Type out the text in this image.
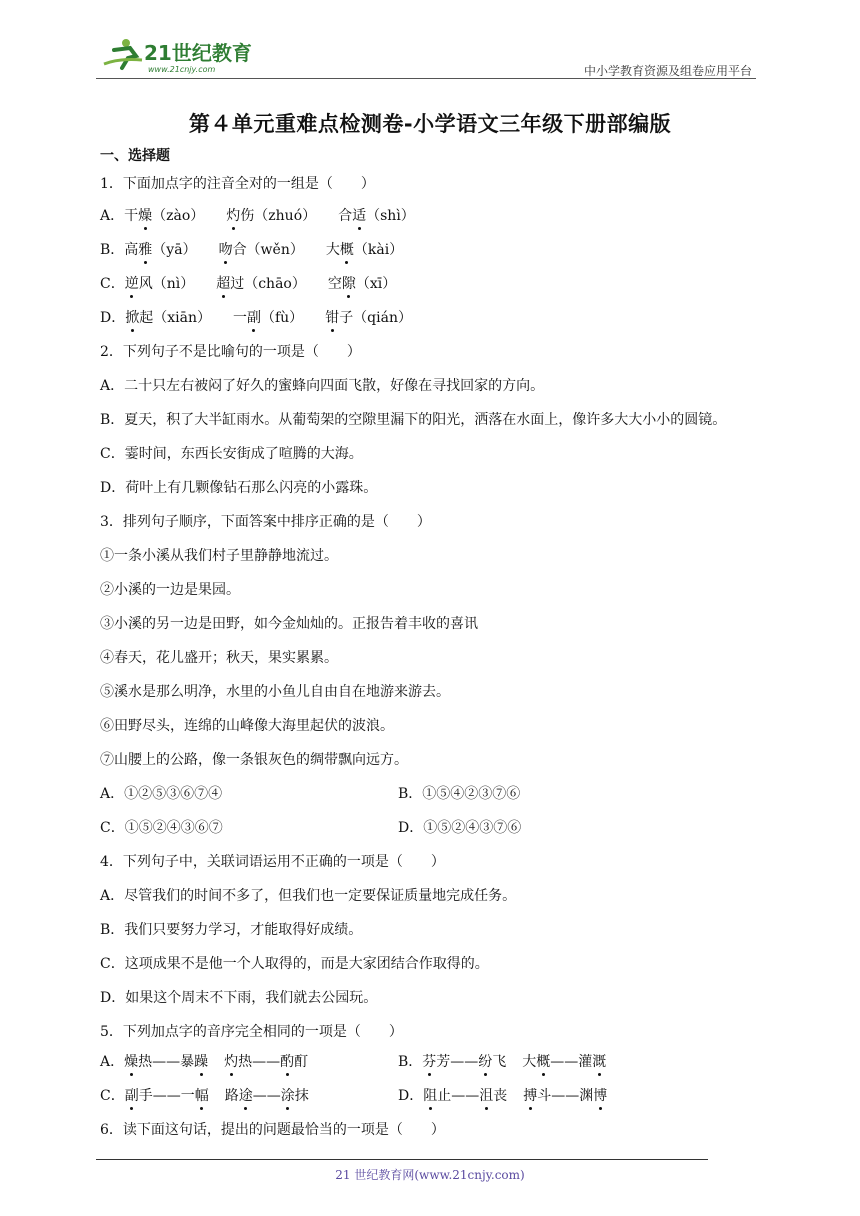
21世纪教育
www.21cnjy.com	中小学教育资源及组卷应用平台
第４单元重难点检测卷-小学语文三年级下册部编版
一、选择题
1．下面加点字的注音全对的一组是（　　）
A．干燥（zào） 灼伤（zhuó） 合适（shì）
B．高雅（yā） 吻合（wěn） 大概（kài）
C．逆风（nì） 超过（chāo） 空隙（xī）
D．掀起（xiān） 一副（fù） 钳子（qián）
2．下列句子不是比喻句的一项是（　　）
A．二十只左右被闷了好久的蜜蜂向四面飞散，好像在寻找回家的方向。
B．夏天，积了大半缸雨水。从葡萄架的空隙里漏下的阳光，洒落在水面上，像许多大大小小的圆镜。
C．霎时间，东西长安街成了喧腾的大海。
D．荷叶上有几颗像钻石那么闪亮的小露珠。
3．排列句子顺序，下面答案中排序正确的是（　　）
①一条小溪从我们村子里静静地流过。
②小溪的一边是果园。
③小溪的另一边是田野，如今金灿灿的。正报告着丰收的喜讯
④春天，花儿盛开；秋天，果实累累。
⑤溪水是那么明净，水里的小鱼儿自由自在地游来游去。
⑥田野尽头，连绵的山峰像大海里起伏的波浪。
⑦山腰上的公路，像一条银灰色的绸带飘向远方。
A．①②⑤③⑥⑦④	B．①⑤④②③⑦⑥
C．①⑤②④③⑥⑦	D．①⑤②④③⑦⑥
4．下列句子中，关联词语运用不正确的一项是（　　）
A．尽管我们的时间不多了，但我们也一定要保证质量地完成任务。
B．我们只要努力学习，才能取得好成绩。
C．这项成果不是他一个人取得的，而是大家团结合作取得的。
D．如果这个周末不下雨，我们就去公园玩。
5．下列加点字的音序完全相同的一项是（　　）
A．燥热——暴躁 灼热——酌酊	B．芬芳——纷飞 大概——灌溉
C．副手——一幅 路途——涂抹	D．阻止——沮丧 搏斗——渊博
6．读下面这句话，提出的问题最恰当的一项是（　　）
21 世纪教育网(www.21cnjy.com)
